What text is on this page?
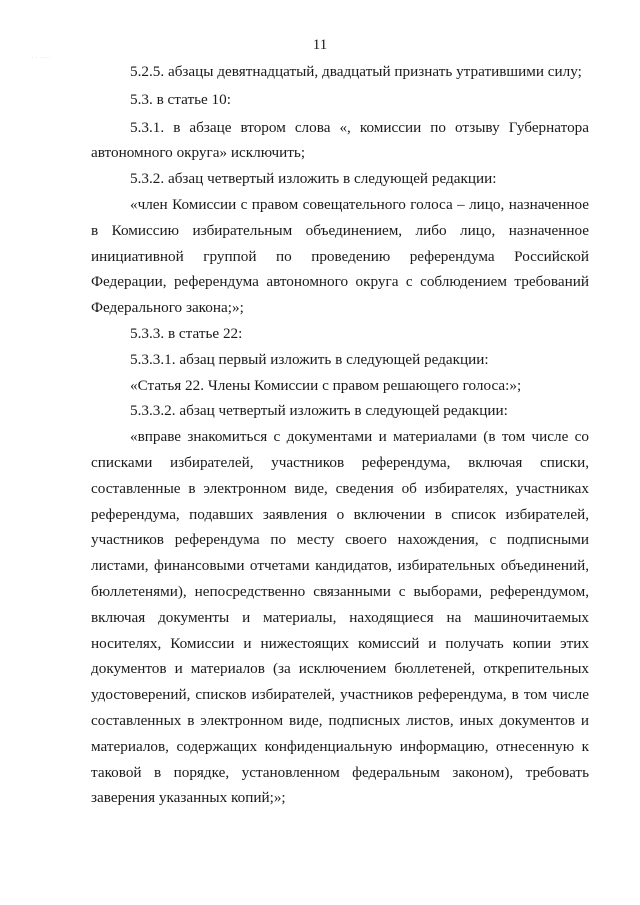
⸳ ⸳ ⸳⸳⸳⸳⸳
11

5.2.5. абзацы девятнадцатый, двадцатый признать утратившими силу;

5.3. в статье 10:

5.3.1. в абзаце втором слова «, комиссии по отзыву Губернатора автономного округа» исключить;

5.3.2. абзац четвертый изложить в следующей редакции:

«член Комиссии с правом совещательного голоса – лицо, назначенное в Комиссию избирательным объединением, либо лицо, назначенное инициативной группой по проведению референдума Российской Федерации, референдума автономного округа с соблюдением требований Федерального закона;»;

5.3.3. в статье 22:

5.3.3.1. абзац первый изложить в следующей редакции:

«Статья 22. Члены Комиссии с правом решающего голоса:»;

5.3.3.2. абзац четвертый изложить в следующей редакции:

«вправе знакомиться с документами и материалами (в том числе со списками избирателей, участников референдума, включая списки, составленные в электронном виде, сведения об избирателях, участниках референдума, подавших заявления о включении в список избирателей, участников референдума по месту своего нахождения, с подписными листами, финансовыми отчетами кандидатов, избирательных объединений, бюллетенями), непосредственно связанными с выборами, референдумом, включая документы и материалы, находящиеся на машиночитаемых носителях, Комиссии и нижестоящих комиссий и получать копии этих документов и материалов (за исключением бюллетеней, открепительных удостоверений, списков избирателей, участников референдума, в том числе составленных в электронном виде, подписных листов, иных документов и материалов, содержащих конфиденциальную информацию, отнесенную к таковой в порядке, установленном федеральным законом), требовать заверения указанных копий;»;
